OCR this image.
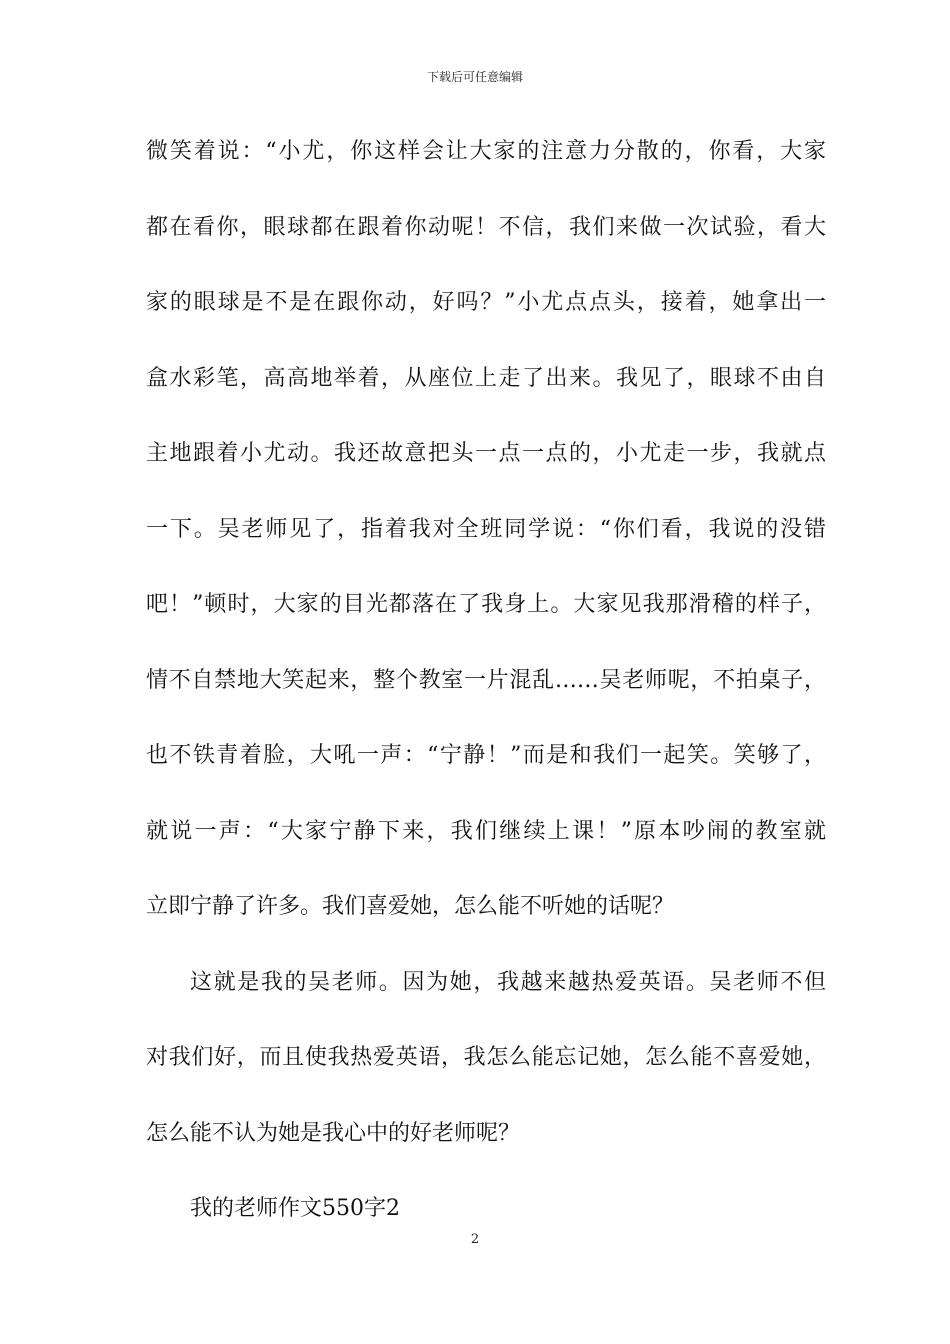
下载后可任意编辑
微笑着说：“小尤，你这样会让大家的注意力分散的，你看，大家
都在看你，眼球都在跟着你动呢！不信，我们来做一次试验，看大
家的眼球是不是在跟你动，好吗？”小尤点点头，接着，她拿出一
盒水彩笔，高高地举着，从座位上走了出来。我见了，眼球不由自
主地跟着小尤动。我还故意把头一点一点的，小尤走一步，我就点
一下。吴老师见了，指着我对全班同学说：“你们看，我说的没错
吧！”顿时，大家的目光都落在了我身上。大家见我那滑稽的样子，
情不自禁地大笑起来，整个教室一片混乱……吴老师呢，不拍桌子，
也不铁青着脸，大吼一声：“宁静！”而是和我们一起笑。笑够了，
就说一声：“大家宁静下来，我们继续上课！”原本吵闹的教室就
立即宁静了许多。我们喜爱她，怎么能不听她的话呢？
这就是我的吴老师。因为她，我越来越热爱英语。吴老师不但
对我们好，而且使我热爱英语，我怎么能忘记她，怎么能不喜爱她，
怎么能不认为她是我心中的好老师呢？
我的老师作文550字2
2
